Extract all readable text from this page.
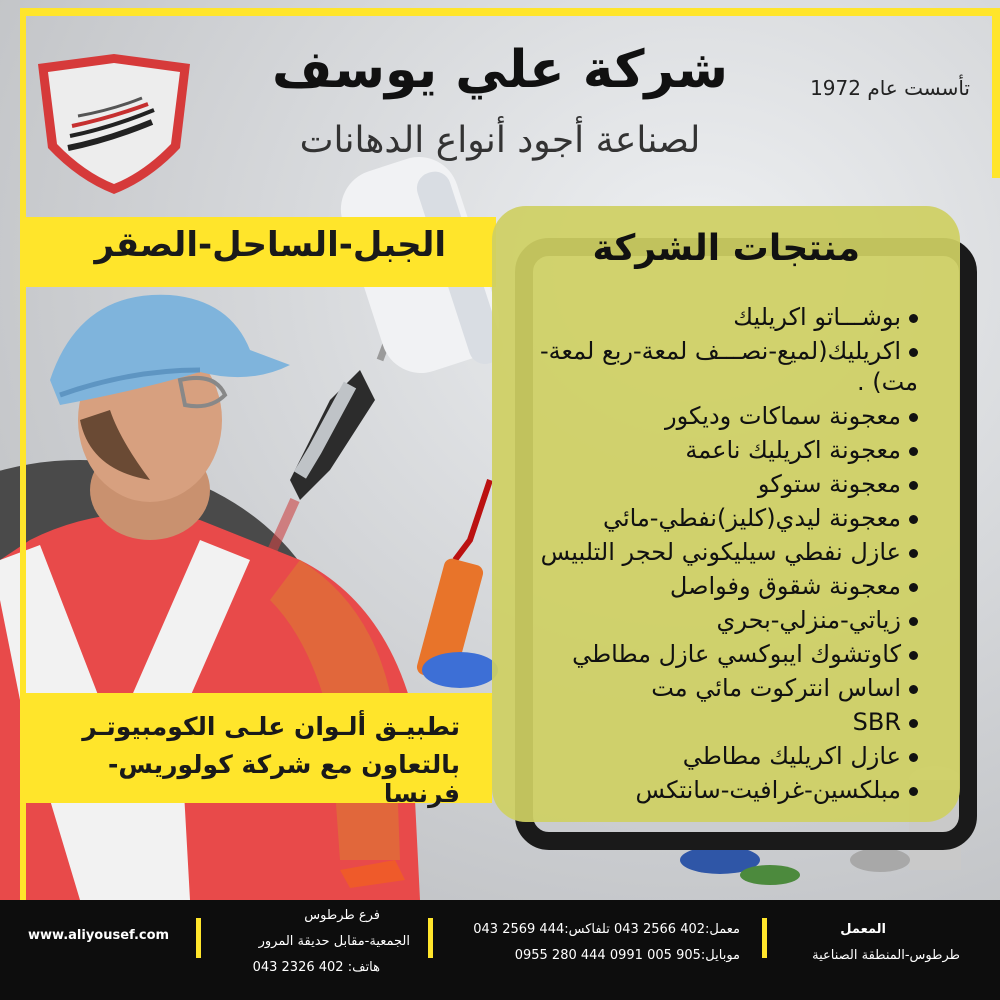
شركة علي يوسف
لصناعة أجود أنواع الدهانات
تأسست عام 1972
الجبل-الساحل-الصقر	منتجات الشركة
بوشـــاتو اكريليك
اكريليك(لميع-نصـــف لمعة-ربع لمعة-مت) .
معجونة سماكات وديكور
معجونة اكريليك ناعمة
معجونة ستوكو
معجونة ليدي(كليز)نفطي-مائي
عازل نفطي سيليكوني لحجر التلبيس
معجونة شقوق وفواصل
زياتي-منزلي-بحري
كاوتشوك ايبوكسي عازل مطاطي
اساس انتركوت مائي مت
SBR
عازل اكريليك مطاطي
مبلكسين-غرافيت-سانتكس
تطبيـق ألـوان علـى الكومبيوتـر
بالتعاون مع شركة كولوريس-فرنسا
المعمل
طرطوس-المنطقة الصناعية
معمل:402 2566 043 تلفاكس:444 2569 043
موبايل:905 005 0991 444 280 0955
فرع طرطوس
الجمعية-مقابل حديقة المرور
هاتف: 402 2326 043
www.aliyousef.com
